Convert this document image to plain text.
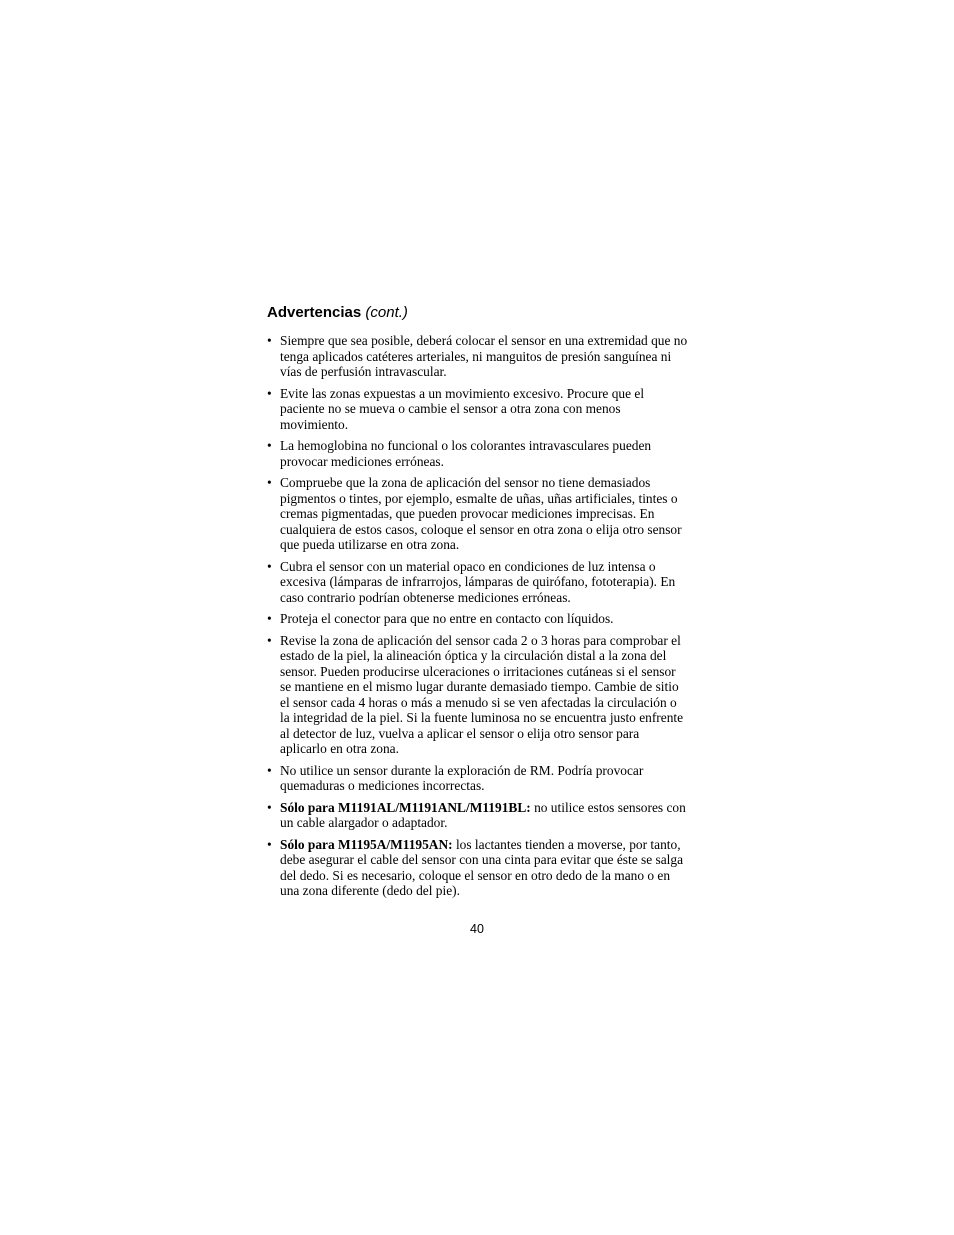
Advertencias (cont.)
• Siempre que sea posible, deberá colocar el sensor en una extremidad que no tenga aplicados catéteres arteriales, ni manguitos de presión sanguínea ni vías de perfusión intravascular.
• Evite las zonas expuestas a un movimiento excesivo. Procure que el paciente no se mueva o cambie el sensor a otra zona con menos movimiento.
• La hemoglobina no funcional o los colorantes intravasculares pueden provocar mediciones erróneas.
• Compruebe que la zona de aplicación del sensor no tiene demasiados pigmentos o tintes, por ejemplo, esmalte de uñas, uñas artificiales, tintes o cremas pigmentadas, que pueden provocar mediciones imprecisas. En cualquiera de estos casos, coloque el sensor en otra zona o elija otro sensor que pueda utilizarse en otra zona.
• Cubra el sensor con un material opaco en condiciones de luz intensa o excesiva (lámparas de infrarrojos, lámparas de quirófano, fototerapia). En caso contrario podrían obtenerse mediciones erróneas.
• Proteja el conector para que no entre en contacto con líquidos.
• Revise la zona de aplicación del sensor cada 2 o 3 horas para comprobar el estado de la piel, la alineación óptica y la circulación distal a la zona del sensor. Pueden producirse ulceraciones o irritaciones cutáneas si el sensor se mantiene en el mismo lugar durante demasiado tiempo. Cambie de sitio el sensor cada 4 horas o más a menudo si se ven afectadas la circulación o la integridad de la piel. Si la fuente luminosa no se encuentra justo enfrente al detector de luz, vuelva a aplicar el sensor o elija otro sensor para aplicarlo en otra zona.
• No utilice un sensor durante la exploración de RM. Podría provocar quemaduras o mediciones incorrectas.
• Sólo para M1191AL/M1191ANL/M1191BL: no utilice estos sensores con un cable alargador o adaptador.
• Sólo para M1195A/M1195AN: los lactantes tienden a moverse, por tanto, debe asegurar el cable del sensor con una cinta para evitar que éste se salga del dedo. Si es necesario, coloque el sensor en otro dedo de la mano o en una zona diferente (dedo del pie).
40
